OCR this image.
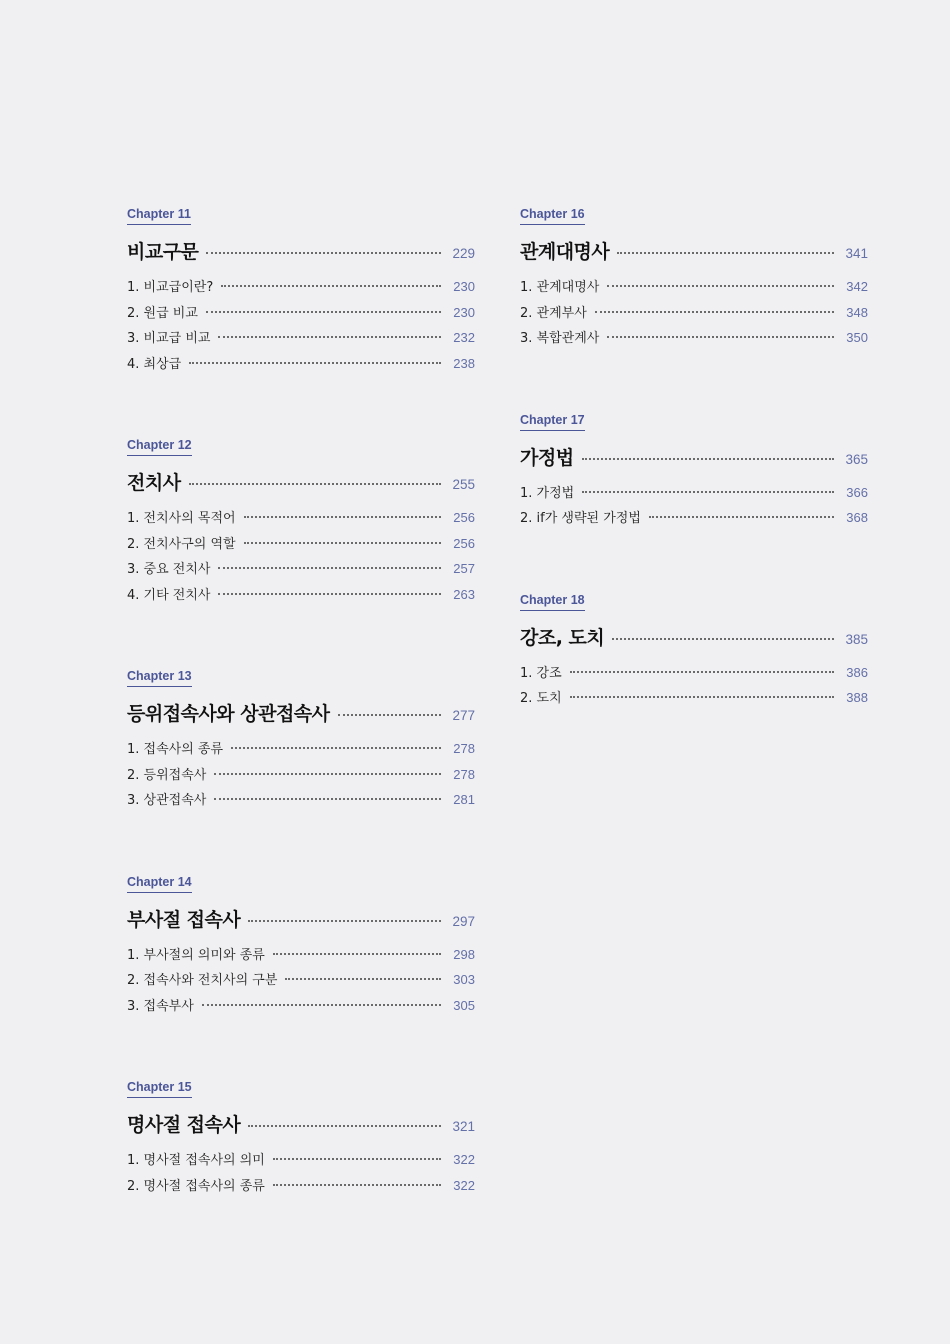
Chapter 11
비교구문	229
1. 비교급이란?	230
2. 원급 비교	230
3. 비교급 비교	232
4. 최상급	238
Chapter 12
전치사	255
1. 전치사의 목적어	256
2. 전치사구의 역할	256
3. 중요 전치사	257
4. 기타 전치사	263
Chapter 13
등위접속사와 상관접속사	277
1. 접속사의 종류	278
2. 등위접속사	278
3. 상관접속사	281
Chapter 14
부사절 접속사	297
1. 부사절의 의미와 종류	298
2. 접속사와 전치사의 구분	303
3. 접속부사	305
Chapter 15
명사절 접속사	321
1. 명사절 접속사의 의미	322
2. 명사절 접속사의 종류	322
Chapter 16
관계대명사	341
1. 관계대명사	342
2. 관계부사	348
3. 복합관계사	350
Chapter 17
가정법	365
1. 가정법	366
2. if가 생략된 가정법	368
Chapter 18
강조, 도치	385
1. 강조	386
2. 도치	388
